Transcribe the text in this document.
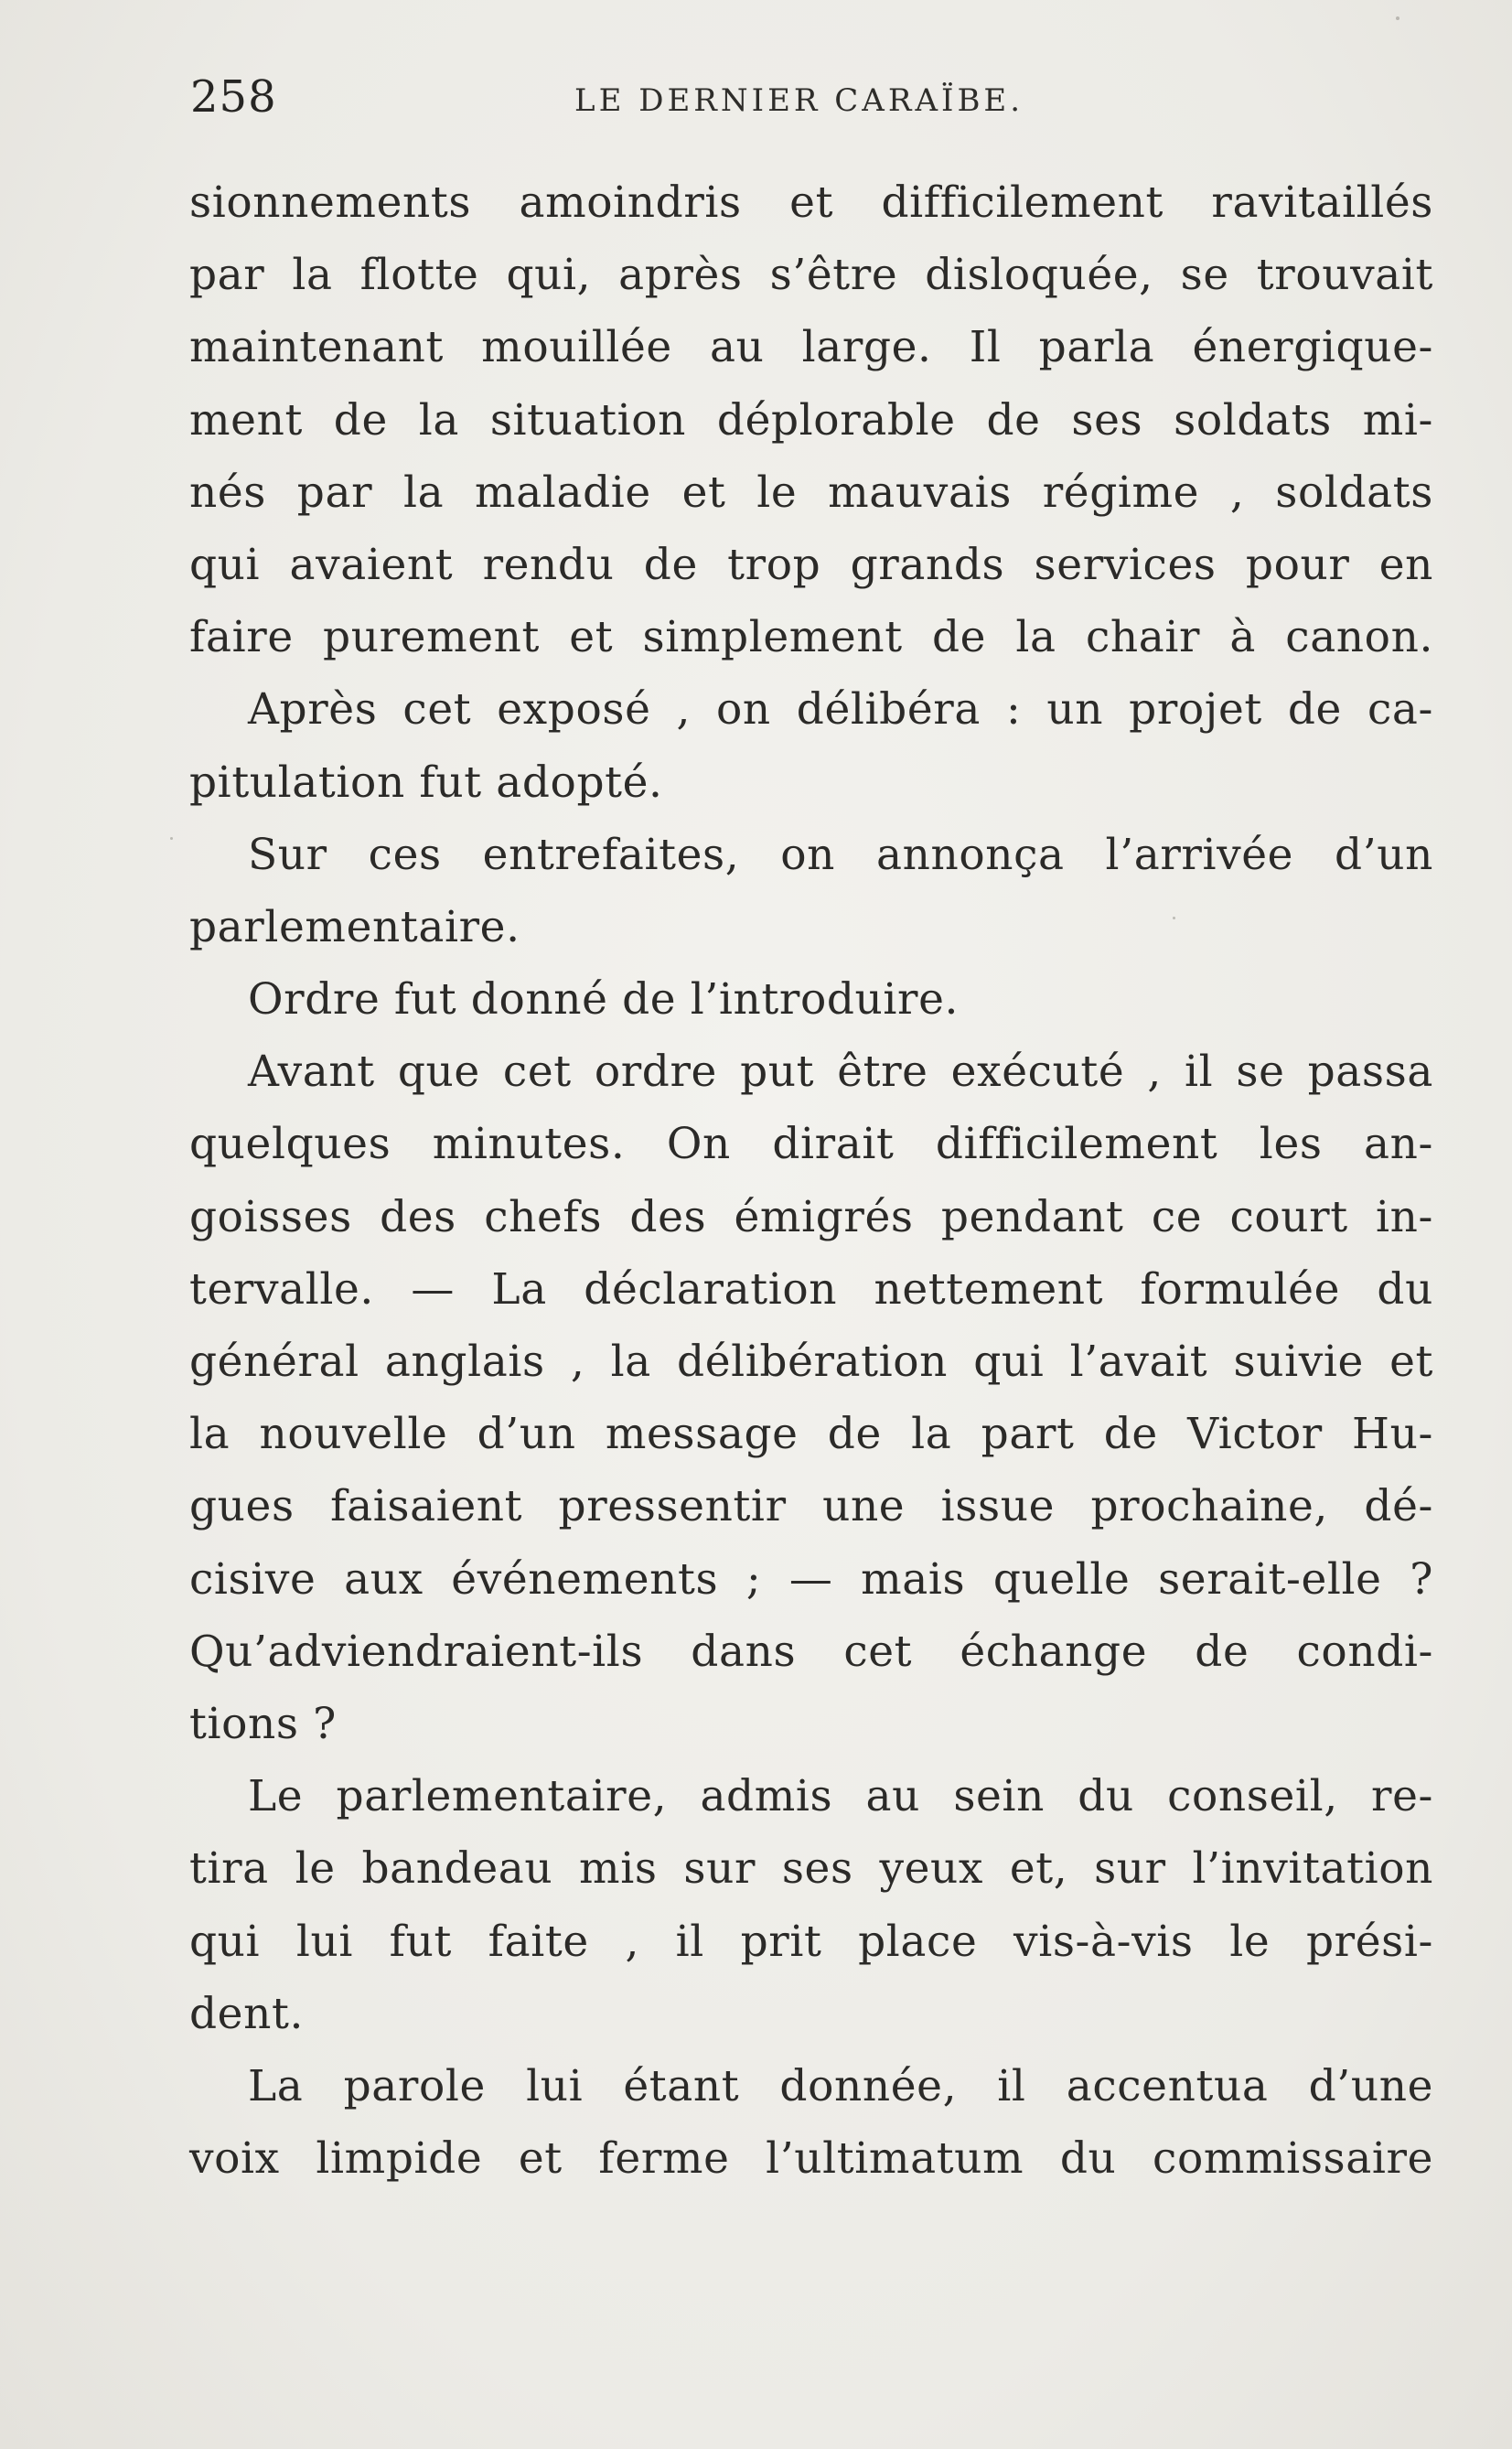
258	LE DERNIER CARAÏBE.
sionnements amoindris et difficilement ravitaillés
par la flotte qui, après s’être disloquée, se trouvait
maintenant mouillée au large. Il parla énergique-
ment de la situation déplorable de ses soldats mi-
nés par la maladie et le mauvais régime , soldats
qui avaient rendu de trop grands services pour en
faire purement et simplement de la chair à canon.
Après cet exposé , on délibéra : un projet de ca-
pitulation fut adopté.
Sur ces entrefaites, on annonça l’arrivée d’un
parlementaire.
Ordre fut donné de l’introduire.
Avant que cet ordre put être exécuté , il se passa
quelques minutes. On dirait difficilement les an-
goisses des chefs des émigrés pendant ce court in-
tervalle. — La déclaration nettement formulée du
général anglais , la délibération qui l’avait suivie et
la nouvelle d’un message de la part de Victor Hu-
gues faisaient pressentir une issue prochaine, dé-
cisive aux événements ; — mais quelle serait-elle ?
Qu’adviendraient-ils dans cet échange de condi-
tions ?
Le parlementaire, admis au sein du conseil, re-
tira le bandeau mis sur ses yeux et, sur l’invitation
qui lui fut faite , il prit place vis-à-vis le prési-
dent.
La parole lui étant donnée, il accentua d’une
voix limpide et ferme l’ultimatum du commissaire
